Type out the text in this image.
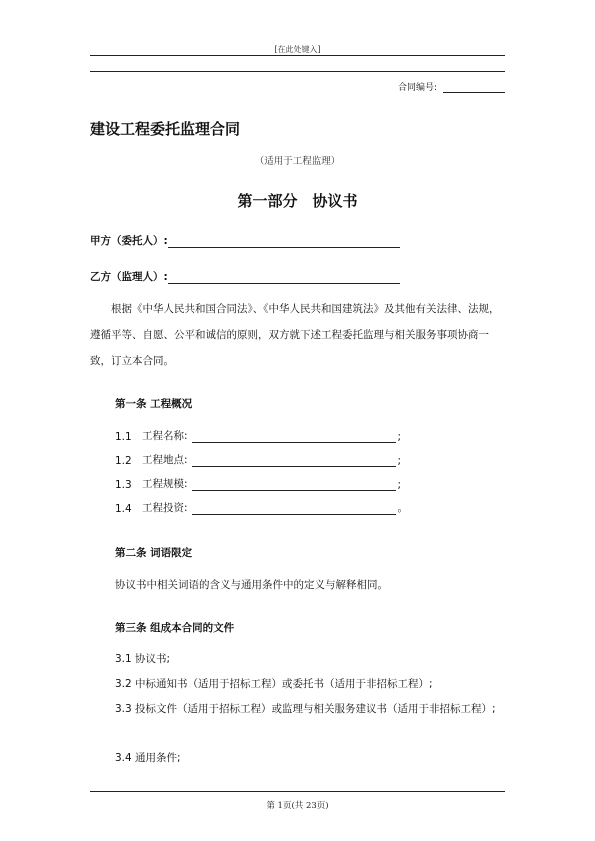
[在此处键入]
合同编号:
建设工程委托监理合同
（适用于工程监理）
第一部分　协议书
甲方（委托人）:
乙方（监理人）:
根据《中华人民共和国合同法》、《中华人民共和国建筑法》及其他有关法律、法规，遵循平等、自愿、公平和诚信的原则，双方就下述工程委托监理与相关服务事项协商一致，订立本合同。
第一条 工程概况
1.1 工程名称:	;
1.2 工程地点:	;
1.3 工程规模:	;
1.4 工程投资:	。
第二条 词语限定
协议书中相关词语的含义与通用条件中的定义与解释相同。
第三条 组成本合同的文件
3.1 协议书;
3.2 中标通知书（适用于招标工程）或委托书（适用于非招标工程）;
3.3 投标文件（适用于招标工程）或监理与相关服务建议书（适用于非招标工程）;
3.4 通用条件;
第 1页(共 23页)
